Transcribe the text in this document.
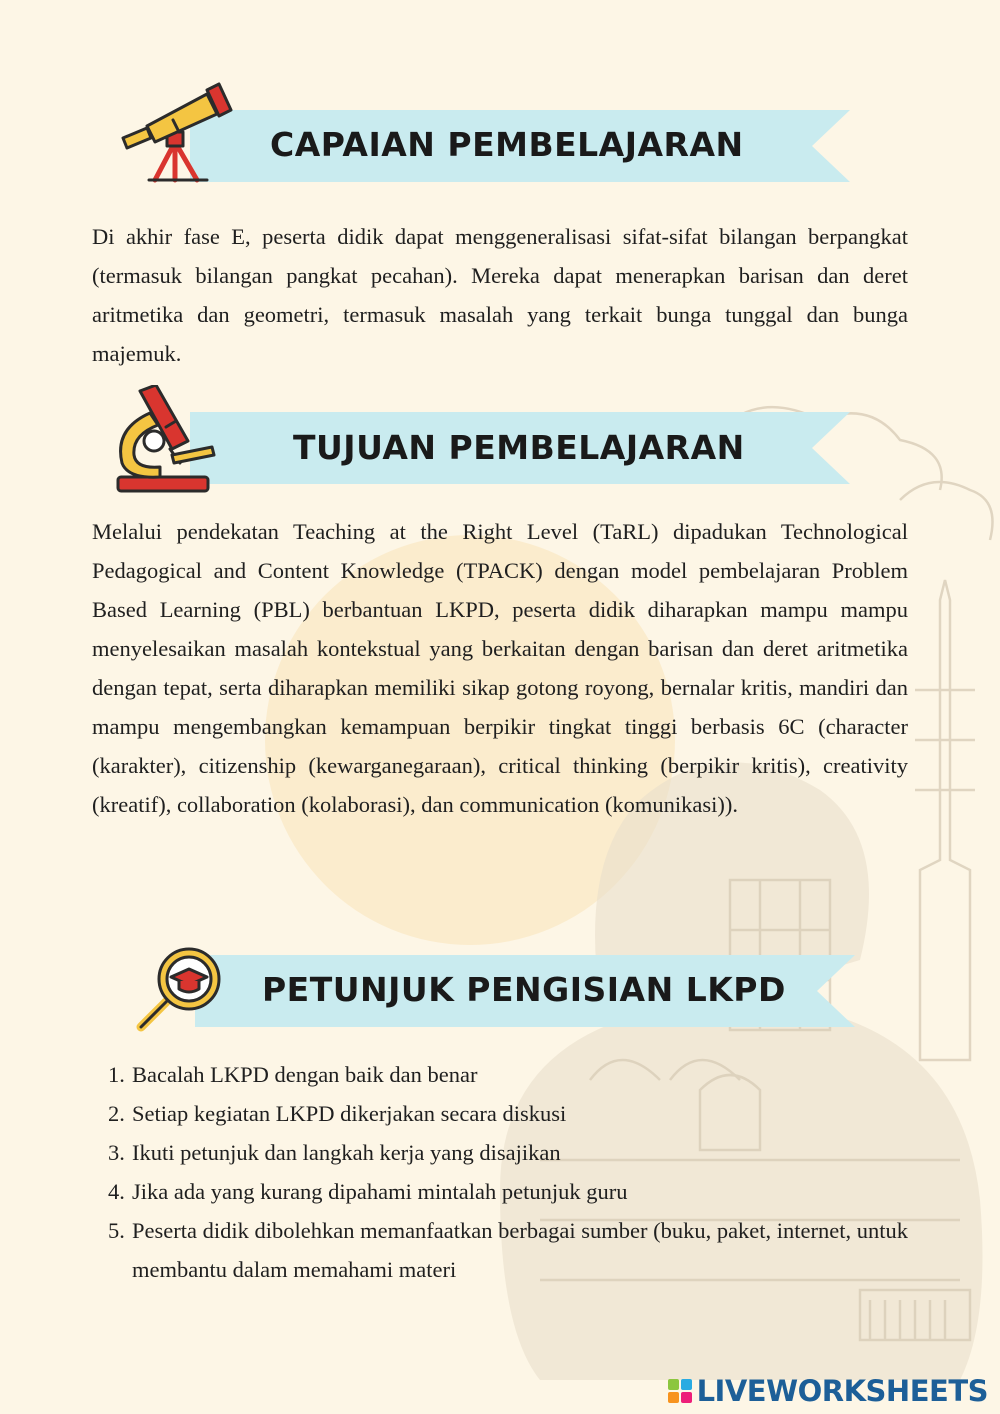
CAPAIAN PEMBELAJARAN

Di akhir fase E, peserta didik dapat menggeneralisasi sifat-sifat bilangan berpangkat (termasuk bilangan pangkat pecahan). Mereka dapat menerapkan barisan dan deret aritmetika dan geometri, termasuk masalah yang terkait bunga tunggal dan bunga majemuk.

TUJUAN PEMBELAJARAN

Melalui pendekatan Teaching at the Right Level (TaRL) dipadukan Technological Pedagogical and Content Knowledge (TPACK) dengan model pembelajaran Problem Based Learning (PBL) berbantuan LKPD, peserta didik diharapkan mampu mampu menyelesaikan masalah kontekstual yang berkaitan dengan barisan dan deret aritmetika dengan tepat, serta diharapkan memiliki sikap gotong royong, bernalar kritis, mandiri dan mampu mengembangkan kemampuan berpikir tingkat tinggi berbasis 6C (character (karakter), citizenship (kewarganegaraan), critical thinking (berpikir kritis), creativity (kreatif), collaboration (kolaborasi), dan communication (komunikasi)).

PETUNJUK PENGISIAN LKPD
1. Bacalah LKPD dengan baik dan benar
2. Setiap kegiatan LKPD dikerjakan secara diskusi
3. Ikuti petunjuk dan langkah kerja yang disajikan
4. Jika ada yang kurang dipahami mintalah petunjuk guru
5. Peserta didik dibolehkan memanfaatkan berbagai sumber (buku, paket, internet, untuk membantu dalam memahami materi
LIVEWORKSHEETS
